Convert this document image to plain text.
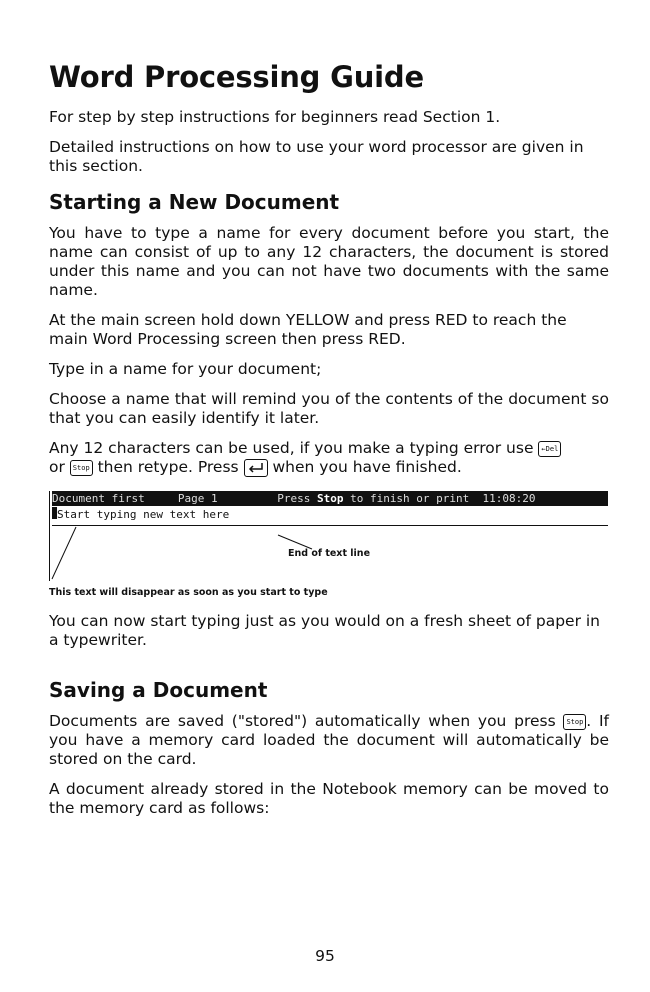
Word Processing Guide

For step by step instructions for beginners read Section 1.

Detailed instructions on how to use your word processor are given in this section.

Starting a New Document

You have to type a name for every document before you start, the name can consist of up to any 12 characters, the document is stored under this name and you can not have two documents with the same name.

At the main screen hold down YELLOW and press RED to reach the main Word Processing screen then press RED.

Type in a name for your document;

Choose a name that will remind you of the contents of the document so that you can easily identify it later.

Any 12 characters can be used, if you make a typing error use ←Del
or Stop then retype. Press when you have finished.

Document first	Page 1	Press Stop to finish or print 11:08:20
Start typing new text here
End of text line
This text will disappear as soon as you start to type

You can now start typing just as you would on a fresh sheet of paper in a typewriter.

Saving a Document

Documents are saved ("stored") automatically when you press Stop . If you have a memory card loaded the document will automatically be stored on the card.

A document already stored in the Notebook memory can be moved to the memory card as follows:

95
